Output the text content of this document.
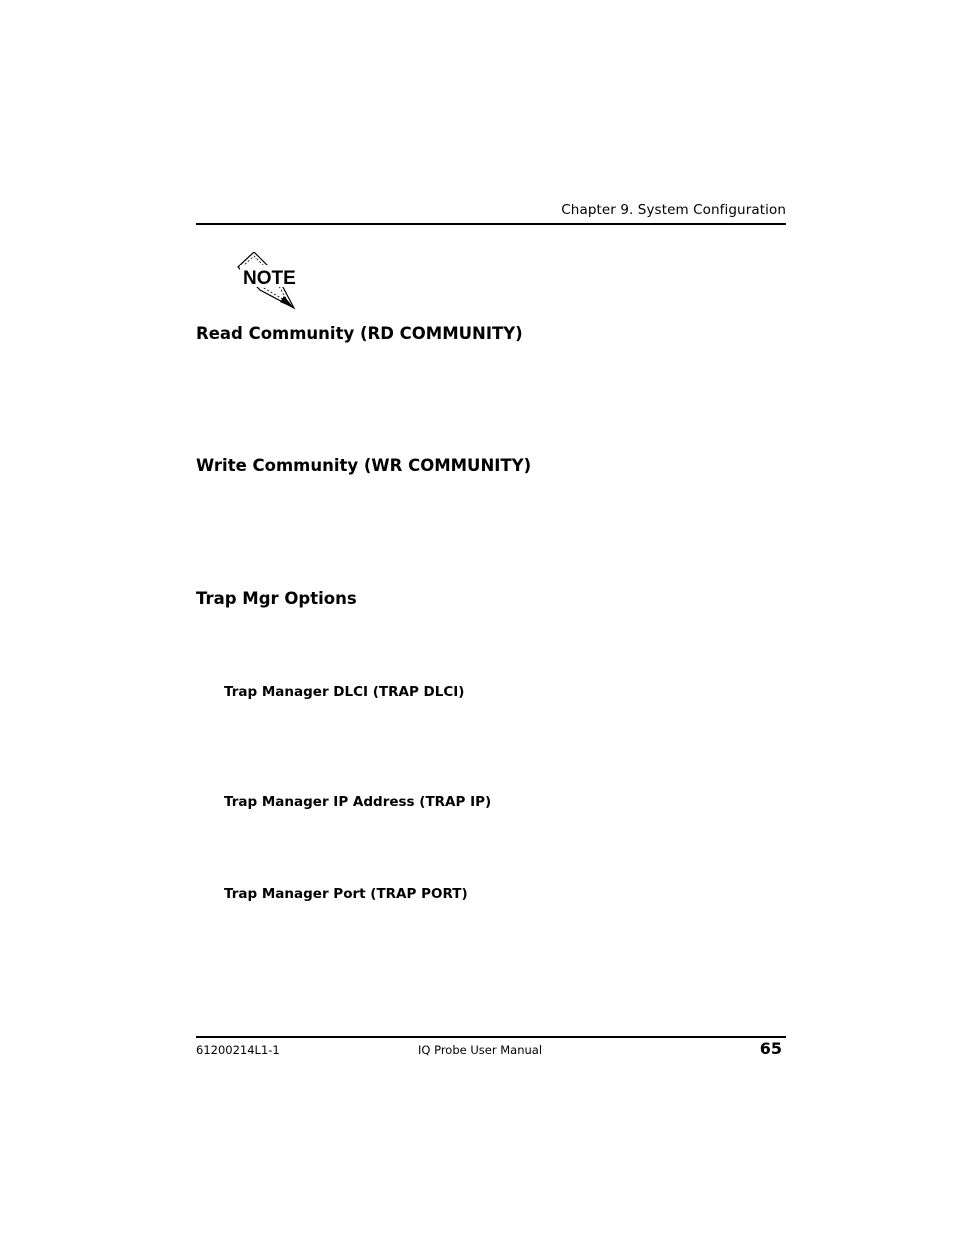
Chapter 9. System Configuration
NOTE
Read Community (RD COMMUNITY)
Write Community (WR COMMUNITY)
Trap Mgr Options
Trap Manager DLCI (TRAP DLCI)
Trap Manager IP Address (TRAP IP)
Trap Manager Port (TRAP PORT)
61200214L1-1	IQ Probe User Manual	65
